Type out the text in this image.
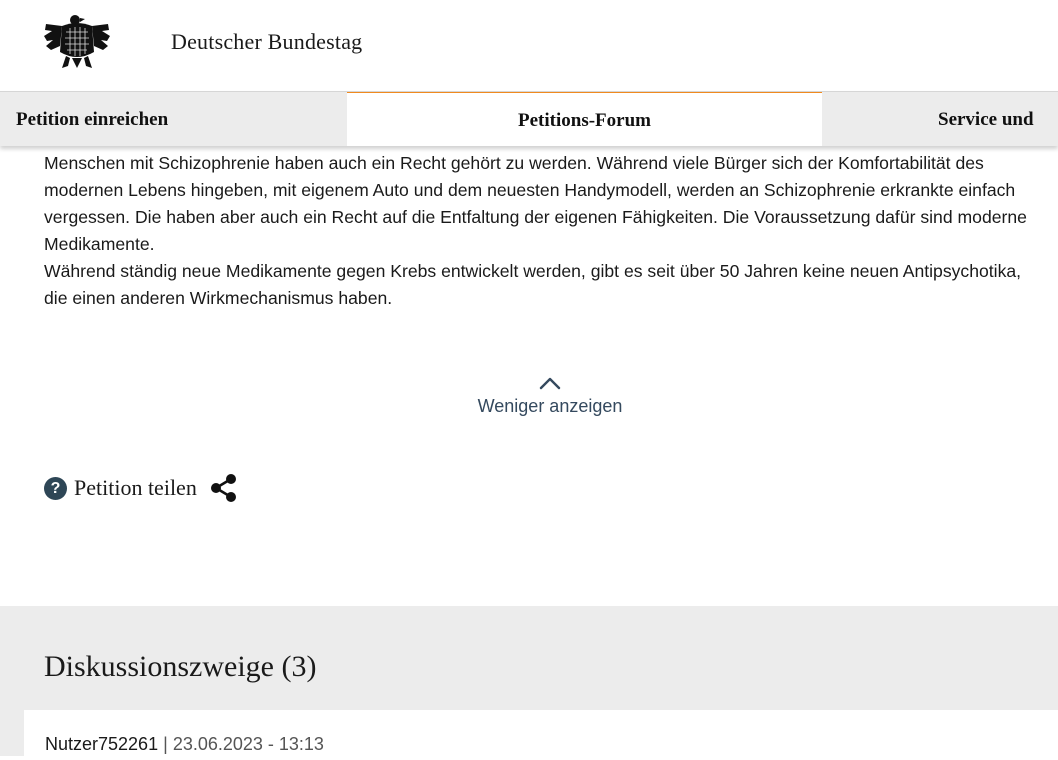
Deutscher Bundestag
Petition einreichen	Petitions-Forum	Service und

Menschen mit Schizophrenie haben auch ein Recht gehört zu werden. Während viele Bürger sich der Komfortabilität des modernen Lebens hingeben, mit eigenem Auto und dem neuesten Handymodell, werden an Schizophrenie erkrankte einfach vergessen. Die haben aber auch ein Recht auf die Entfaltung der eigenen Fähigkeiten. Die Voraussetzung dafür sind moderne Medikamente.

Während ständig neue Medikamente gegen Krebs entwickelt werden, gibt es seit über 50 Jahren keine neuen Antipsychotika, die einen anderen Wirkmechanismus haben.

Weniger anzeigen
? Petition teilen
Diskussionszweige (3)
Nutzer752261 | 23.06.2023 - 13:13
